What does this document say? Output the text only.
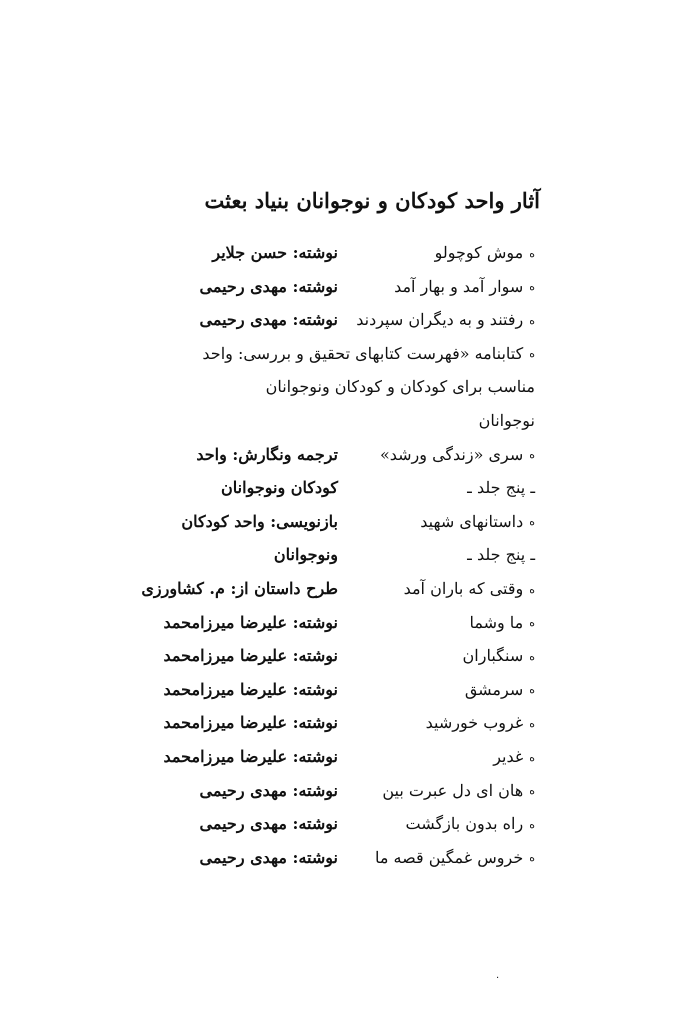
آثار واحد کودکان و نوجوانان بنیاد بعثت
هموش کوچولو
نوشته: حسن جلایر
هسوار آمد و بهار آمد
نوشته: مهدی رحیمی
هرفتند و به دیگران سپردند
نوشته: مهدی رحیمی
هکتابنامه «فهرست کتابهای تحقیق و بررسی: واحد
مناسب برای کودکان و کودکان ونوجوانان
نوجوانان
هسری «زندگی ورشد»
ترجمه ونگارش: واحد
ـ پنج جلد ـ
کودکان ونوجوانان
هداستانهای شهید
بازنویسی: واحد کودکان
ـ پنج جلد ـ
ونوجوانان
هوقتی که باران آمد
طرح داستان از: م. کشاورزی
هما وشما
نوشته: علیرضا میرزامحمد
هسنگباران
نوشته: علیرضا میرزامحمد
هسرمشق
نوشته: علیرضا میرزامحمد
هغروب خورشید
نوشته: علیرضا میرزامحمد
هغدیر
نوشته: علیرضا میرزامحمد
ههان ای دل عبرت بین
نوشته: مهدی رحیمی
هراه بدون بازگشت
نوشته: مهدی رحیمی
هخروس غمگین قصه ما
نوشته: مهدی رحیمی
.
